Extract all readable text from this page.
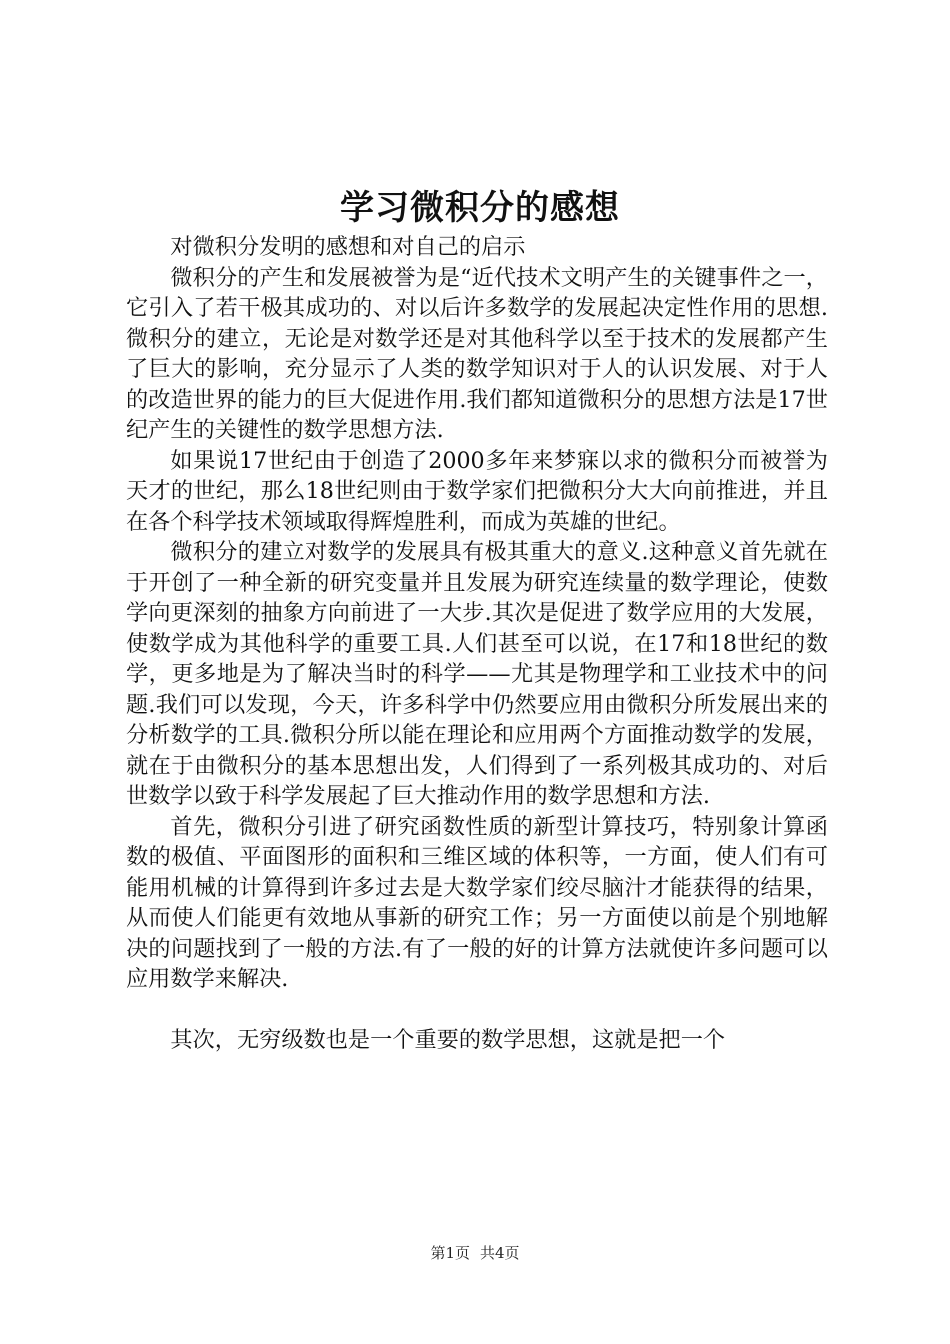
学习微积分的感想

对微积分发明的感想和对自己的启示

微积分的产生和发展被誉为是“近代技术文明产生的关键事件之一，它引入了若干极其成功的、对以后许多数学的发展起决定性作用的思想.微积分的建立，无论是对数学还是对其他科学以至于技术的发展都产生了巨大的影响，充分显示了人类的数学知识对于人的认识发展、对于人的改造世界的能力的巨大促进作用.我们都知道微积分的思想方法是17世纪产生的关键性的数学思想方法.

如果说17世纪由于创造了2000多年来梦寐以求的微积分而被誉为天才的世纪，那么18世纪则由于数学家们把微积分大大向前推进，并且在各个科学技术领域取得辉煌胜利，而成为英雄的世纪。

微积分的建立对数学的发展具有极其重大的意义.这种意义首先就在于开创了一种全新的研究变量并且发展为研究连续量的数学理论，使数学向更深刻的抽象方向前进了一大步.其次是促进了数学应用的大发展，使数学成为其他科学的重要工具.人们甚至可以说，在17和18世纪的数学，更多地是为了解决当时的科学——尤其是物理学和工业技术中的问题.我们可以发现，今天，许多科学中仍然要应用由微积分所发展出来的分析数学的工具.微积分所以能在理论和应用两个方面推动数学的发展，就在于由微积分的基本思想出发，人们得到了一系列极其成功的、对后世数学以致于科学发展起了巨大推动作用的数学思想和方法.

首先，微积分引进了研究函数性质的新型计算技巧，特别象计算函数的极值、平面图形的面积和三维区域的体积等，一方面，使人们有可能用机械的计算得到许多过去是大数学家们绞尽脑汁才能获得的结果，从而使人们能更有效地从事新的研究工作；另一方面使以前是个别地解决的问题找到了一般的方法.有了一般的好的计算方法就使许多问题可以应用数学来解决.

其次，无穷级数也是一个重要的数学思想，这就是把一个

第1页 共4页
